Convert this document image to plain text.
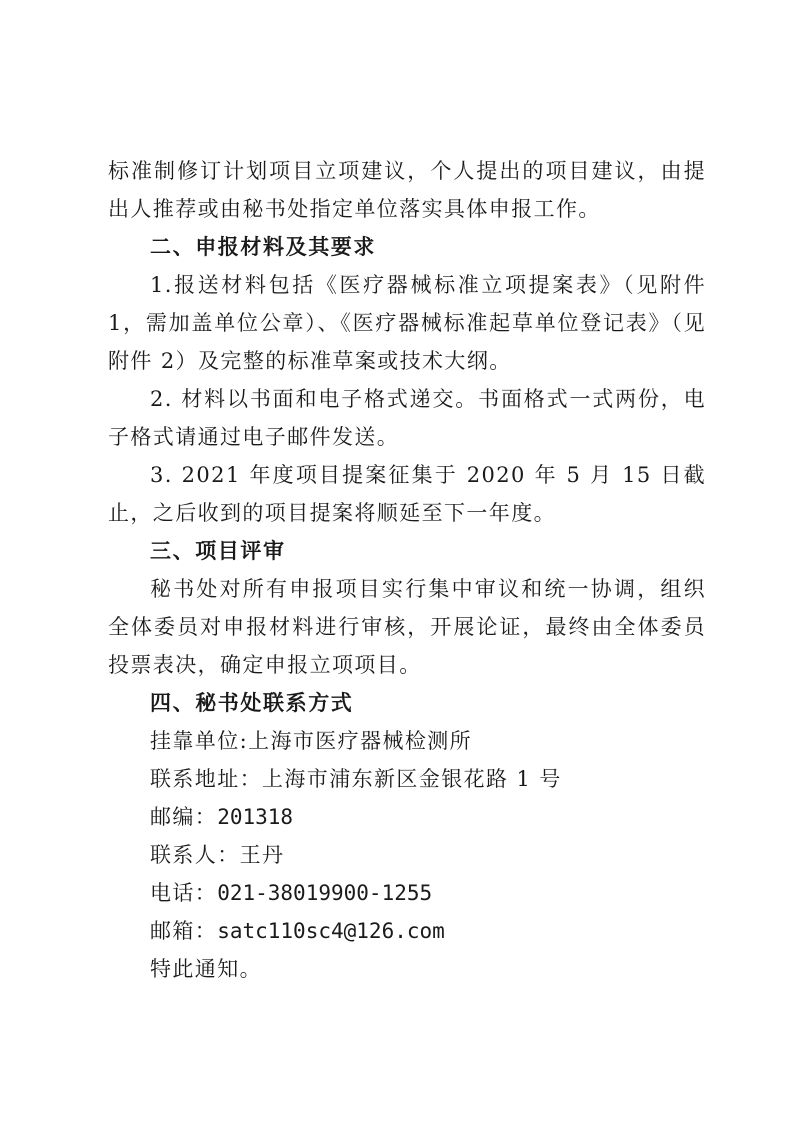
标准制修订计划项目立项建议，个人提出的项目建议，由提出人推荐或由秘书处指定单位落实具体申报工作。

二、申报材料及其要求

1.报送材料包括《医疗器械标准立项提案表》（见附件 1，需加盖单位公章）、《医疗器械标准起草单位登记表》（见附件 2）及完整的标准草案或技术大纲。

2. 材料以书面和电子格式递交。书面格式一式两份，电子格式请通过电子邮件发送。

3. 2021 年度项目提案征集于 2020 年 5 月 15 日截止，之后收到的项目提案将顺延至下一年度。

三、项目评审

秘书处对所有申报项目实行集中审议和统一协调，组织全体委员对申报材料进行审核，开展论证，最终由全体委员投票表决，确定申报立项项目。

四、秘书处联系方式

挂靠单位:上海市医疗器械检测所

联系地址：上海市浦东新区金银花路 1 号

邮编：201318

联系人：王丹

电话：021-38019900-1255

邮箱：satc110sc4@126.com

特此通知。
